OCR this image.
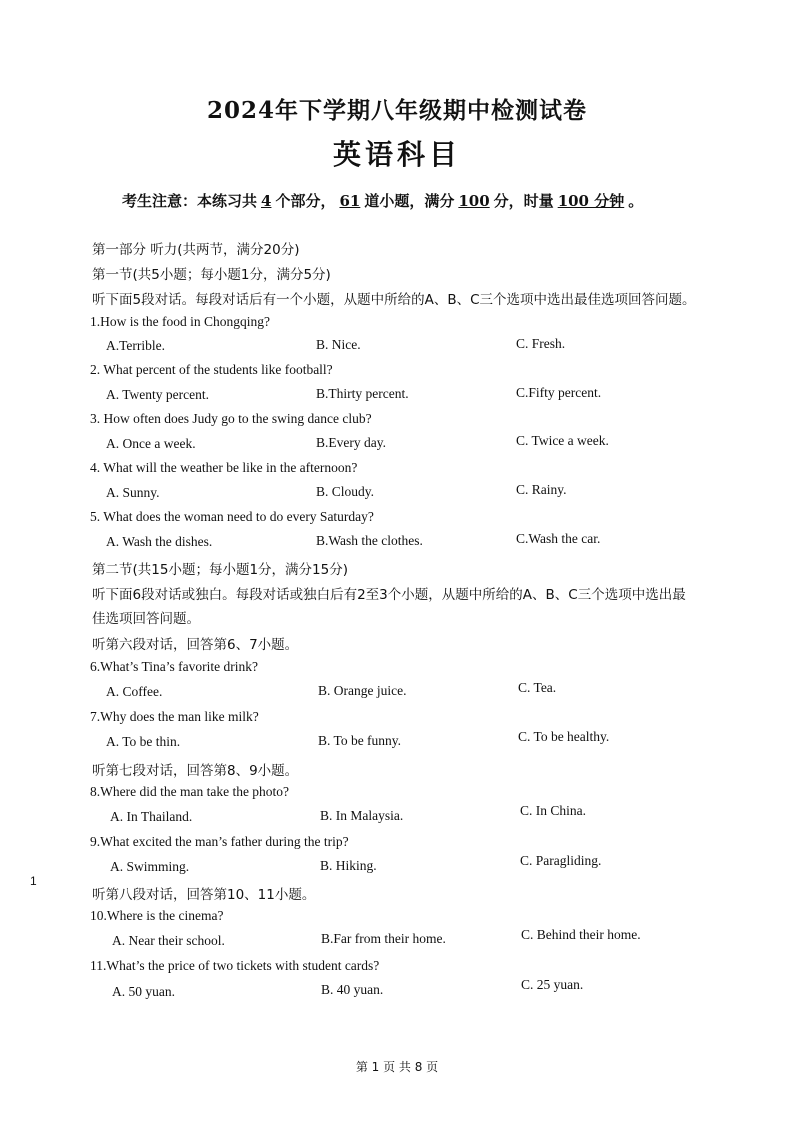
2024年下学期八年级期中检测试卷
英语科目
考生注意：本练习共 4 个部分， 61 道小题，满分 100 分，时量 100 分钟 。
第一部分 听力(共两节，满分20分)
第一节(共5小题；每小题1分，满分5分)
听下面5段对话。每段对话后有一个小题，从题中所给的A、B、C三个选项中选出最佳选项回答问题。
1.How is the food in Chongqing?
A.Terrible.	B. Nice.	C. Fresh.
2. What percent of the students like football?
A. Twenty percent.	B.Thirty percent.	C.Fifty percent.
3. How often does Judy go to the swing dance club?
A. Once a week.	B.Every day.	C. Twice a week.
4. What will the weather be like in the afternoon?
A. Sunny.	B. Cloudy.	C. Rainy.
5. What does the woman need to do every Saturday?
A. Wash the dishes.	B.Wash the clothes.	C.Wash the car.
第二节(共15小题；每小题1分，满分15分)
听下面6段对话或独白。每段对话或独白后有2至3个小题，从题中所给的A、B、C三个选项中选出最
佳选项回答问题。
听第六段对话，回答第6、7小题。
6.What’s Tina’s favorite drink?
A. Coffee.	B. Orange juice.	C. Tea.
7.Why does the man like milk?
A. To be thin.	B. To be funny.	C. To be healthy.
听第七段对话，回答第8、9小题。
8.Where did the man take the photo?
A. In Thailand.	B. In Malaysia.	C. In China.
9.What excited the man’s father during the trip?
A. Swimming.	B. Hiking.	C. Paragliding.
听第八段对话，回答第10、11小题。
10.Where is the cinema?
A. Near their school.	B.Far from their home.	C. Behind their home.
11.What’s the price of two tickets with student cards?
A. 50 yuan.	B. 40 yuan.	C. 25 yuan.
1
第 1 页 共 8 页
